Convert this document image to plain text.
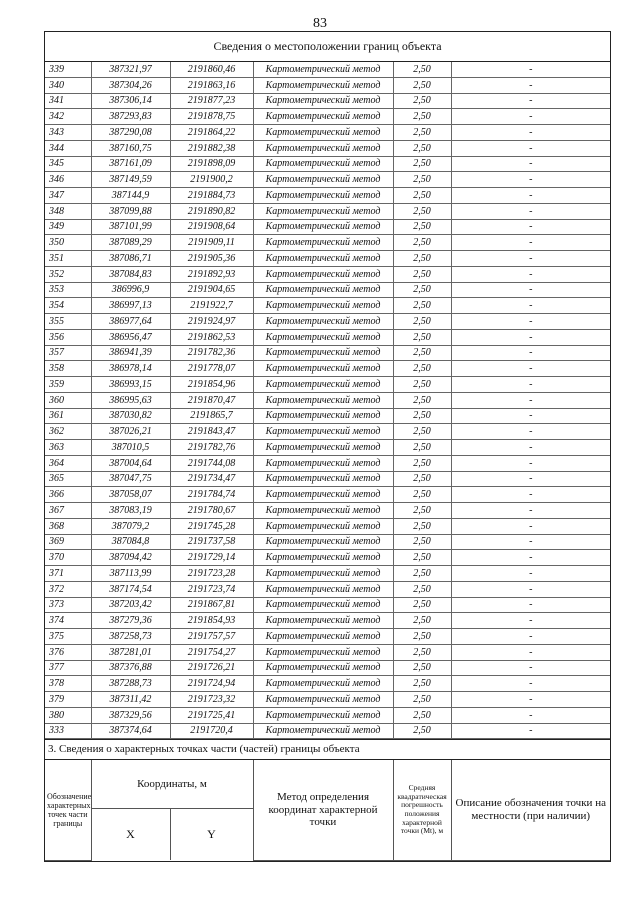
83
Сведения о местоположении границ объекта
339	387321,97	2191860,46	Картометрический метод	2,50	-
340	387304,26	2191863,16	Картометрический метод	2,50	-
341	387306,14	2191877,23	Картометрический метод	2,50	-
342	387293,83	2191878,75	Картометрический метод	2,50	-
343	387290,08	2191864,22	Картометрический метод	2,50	-
344	387160,75	2191882,38	Картометрический метод	2,50	-
345	387161,09	2191898,09	Картометрический метод	2,50	-
346	387149,59	2191900,2	Картометрический метод	2,50	-
347	387144,9	2191884,73	Картометрический метод	2,50	-
348	387099,88	2191890,82	Картометрический метод	2,50	-
349	387101,99	2191908,64	Картометрический метод	2,50	-
350	387089,29	2191909,11	Картометрический метод	2,50	-
351	387086,71	2191905,36	Картометрический метод	2,50	-
352	387084,83	2191892,93	Картометрический метод	2,50	-
353	386996,9	2191904,65	Картометрический метод	2,50	-
354	386997,13	2191922,7	Картометрический метод	2,50	-
355	386977,64	2191924,97	Картометрический метод	2,50	-
356	386956,47	2191862,53	Картометрический метод	2,50	-
357	386941,39	2191782,36	Картометрический метод	2,50	-
358	386978,14	2191778,07	Картометрический метод	2,50	-
359	386993,15	2191854,96	Картометрический метод	2,50	-
360	386995,63	2191870,47	Картометрический метод	2,50	-
361	387030,82	2191865,7	Картометрический метод	2,50	-
362	387026,21	2191843,47	Картометрический метод	2,50	-
363	387010,5	2191782,76	Картометрический метод	2,50	-
364	387004,64	2191744,08	Картометрический метод	2,50	-
365	387047,75	2191734,47	Картометрический метод	2,50	-
366	387058,07	2191784,74	Картометрический метод	2,50	-
367	387083,19	2191780,67	Картометрический метод	2,50	-
368	387079,2	2191745,28	Картометрический метод	2,50	-
369	387084,8	2191737,58	Картометрический метод	2,50	-
370	387094,42	2191729,14	Картометрический метод	2,50	-
371	387113,99	2191723,28	Картометрический метод	2,50	-
372	387174,54	2191723,74	Картометрический метод	2,50	-
373	387203,42	2191867,81	Картометрический метод	2,50	-
374	387279,36	2191854,93	Картометрический метод	2,50	-
375	387258,73	2191757,57	Картометрический метод	2,50	-
376	387281,01	2191754,27	Картометрический метод	2,50	-
377	387376,88	2191726,21	Картометрический метод	2,50	-
378	387288,73	2191724,94	Картометрический метод	2,50	-
379	387311,42	2191723,32	Картометрический метод	2,50	-
380	387329,56	2191725,41	Картометрический метод	2,50	-
333	387374,64	2191720,4	Картометрический метод	2,50	-
3. Сведения о характерных точках части (частей) границы объекта
Обозначение характерных точек части границы	Координаты, м		Метод определения координат характерной точки	Средняя квадратическая погрешность положения характерной точки (Mt), м	Описание обозначения точки на местности (при наличии)
	X	Y			
